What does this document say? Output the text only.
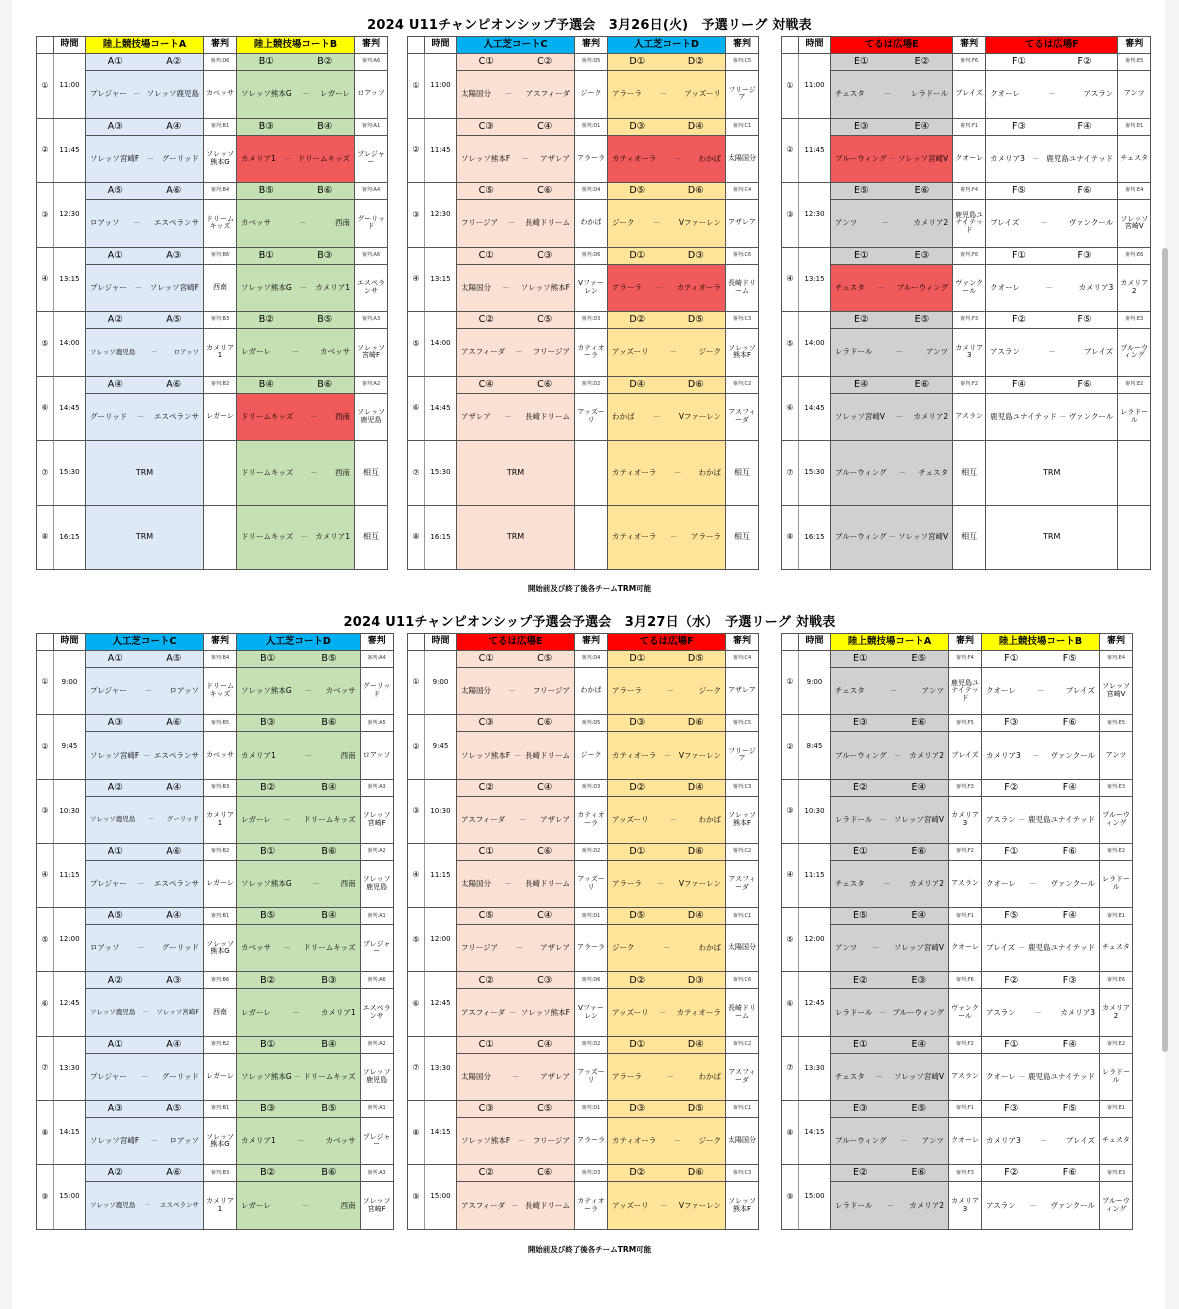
2024 U11チャンピオンシップ予選会　3月26日(火)　予選リーグ 対戦表
開始前及び終了後各チームTRM可能
2024 U11チャンピオンシップ予選会予選会　3月27日（水）　予選リーグ 対戦表
開始前及び終了後各チームTRM可能
	時間	陸上競技場コートA	審判	陸上競技場コートB	審判
①	11:00	A① A②	審判:D6	B① B②	審判:A6

		プレジャー － ソレッソ鹿児島	カベッサ	ソレッソ熊本G － レガーレ	ロアッソ
②	11:45	A③ A④	審判:B1	B③ B④	審判:A1

		ソレッソ宮崎F － グーリッド	ソレッソ熊本G	カメリア1 － ドリームキッズ	プレジャー
③	12:30	A⑤ A⑥	審判:B4	B⑤ B⑥	審判:A4

		ロアッソ － エスペランサ	ドリームキッズ	カベッサ － 西南	グーリッド
④	13:15	A① A③	審判:B6	B① B③	審判:A6

		プレジャー － ソレッソ宮崎F	西南	ソレッソ熊本G － カメリア1	エスペランサ
⑤	14:00	A② A⑤	審判:B3	B② B⑤	審判:A3

		ソレッソ鹿児島 － ロアッソ	カメリア1	レガーレ － カベッサ	ソレッソ宮崎F
⑥	14:45	A④ A⑥	審判:B2	B④ B⑥	審判:A2

		グーリッド － エスペランサ	レガーレ	ドリームキッズ － 西南	ソレッソ鹿児島
⑦	15:30	TRM		ドリームキッズ － 西南	相互

⑧	16:15	TRM		ドリームキッズ － カメリア1	相互

	時間	人工芝コートC	審判	人工芝コートD	審判
①	11:00	C① C②	審判:D5	D① D②	審判:C5

		太陽国分 － アスフィーダ	ジーク	アラーラ － アッズーリ	フリージア
②	11:45	C③ C④	審判:D1	D③ D④	審判:C1

		ソレッソ熊本F － アザレア	アラーラ	カティオーラ － わかば	太陽国分
③	12:30	C⑤ C⑥	審判:D4	D⑤ D⑥	審判:C4

		フリージア － 長崎ドリーム	わかば	ジーク － Vファーレン	アザレア
④	13:15	C① C③	審判:D6	D① D③	審判:C6

		太陽国分 － ソレッソ熊本F	Vファーレン	アラーラ － カティオーラ	長崎ドリーム
⑤	14:00	C② C⑤	審判:D3	D② D⑤	審判:C3

		アスフィーダ － フリージア	カティオーラ	アッズーリ － ジーク	ソレッソ熊本F
⑥	14:45	C④ C⑥	審判:D2	D④ D⑥	審判:C2

		アザレア － 長崎ドリーム	アッズーリ	わかば － Vファーレン	アスフィーダ
⑦	15:30	TRM		カティオーラ － わかば	相互

⑧	16:15	TRM		カティオーラ － アラーラ	相互

	時間	てるは広場E	審判	てるは広場F	審判
①	11:00	E① E②	審判:F6	F① F②	審判:E5

		チェスタ － レラドール	ブレイズ	クオーレ － アスラン	アンツ
②	11:45	E③ E④	審判:F1	F③ F④	審判:E1

		ブルーウィング － ソレッソ宮崎V	クオーレ	カメリア3 － 鹿児島ユナイテッド	チェスタ
③	12:30	E⑤ E⑥	審判:F4	F⑤ F⑥	審判:E4

		アンツ － カメリア2	鹿児島ユナイテッド	ブレイズ － ヴァンクール	ソレッソ宮崎V
④	13:15	E① E③	審判:F6	F① F③	審判:E6

		チェスタ － ブルーウィング	ヴァンクール	クオーレ － カメリア3	カメリア2
⑤	14:00	E② E⑤	審判:F3	F② F⑤	審判:E3

		レラドール － アンツ	カメリア3	アスラン － ブレイズ	ブルーウィング
⑥	14:45	E④ E⑥	審判:F2	F④ F⑥	審判:E2

		ソレッソ宮崎V － カメリア2	アスラン	鹿児島ユナイテッド － ヴァンクール	レラドール
⑦	15:30	ブルーウィング － チェスタ	相互	TRM	

⑧	16:15	ブルーウィング － ソレッソ宮崎V	相互	TRM	

	時間	人工芝コートC	審判	人工芝コートD	審判
①	9:00	A① A⑤	審判:B4	B① B⑤	審判:A4

		プレジャー － ロアッソ	ドリームキッズ	ソレッソ熊本G － カベッサ	グーリッド
②	9:45	A③ A⑥	審判:B5	B③ B⑥	審判:A5

		ソレッソ宮崎F － エスペランサ	カベッサ	カメリア1 － 西南	ロアッソ
③	10:30	A② A④	審判:B3	B② B④	審判:A3

		ソレッソ鹿児島 － グーリッド	カメリア1	レガーレ － ドリームキッズ	ソレッソ宮崎F
④	11:15	A① A⑥	審判:B2	B① B⑥	審判:A2

		プレジャー － エスペランサ	レガーレ	ソレッソ熊本G － 西南	ソレッソ鹿児島
⑤	12:00	A⑤ A④	審判:B1	B⑤ B④	審判:A1

		ロアッソ － グーリッド	ソレッソ熊本G	カベッサ － ドリームキッズ	プレジャー
⑥	12:45	A② A③	審判:B6	B② B③	審判:A6

		ソレッソ鹿児島 － ソレッソ宮崎F	西南	レガーレ － カメリア1	エスペランサ
⑦	13:30	A① A④	審判:B2	B① B④	審判:A2

		プレジャー － グーリッド	レガーレ	ソレッソ熊本G － ドリームキッズ	ソレッソ鹿児島
⑧	14:15	A③ A⑤	審判:B1	B③ B⑤	審判:A1

		ソレッソ宮崎F － ロアッソ	ソレッソ熊本G	カメリア1 － カベッサ	プレジャー
⑨	15:00	A② A⑥	審判:B3	B② B⑥	審判:A3

		ソレッソ鹿児島 － エスペランサ	カメリア1	レガーレ － 西南	ソレッソ宮崎F
	時間	てるは広場E	審判	てるは広場F	審判
①	9:00	C① C⑤	審判:D4	D① D⑤	審判:C4

		太陽国分 － フリージア	わかば	アラーラ － ジーク	アザレア
②	9:45	C③ C⑥	審判:D5	D③ D⑥	審判:C5

		ソレッソ熊本F － 長崎ドリーム	ジーク	カティオーラ － Vファーレン	フリージア
③	10:30	C② C④	審判:D3	D② D④	審判:C3

		アスフィーダ － アザレア	カティオーラ	アッズーリ － わかば	ソレッソ熊本F
④	11:15	C① C⑥	審判:D2	D① D⑥	審判:C2

		太陽国分 － 長崎ドリーム	アッズーリ	アラーラ － Vファーレン	アスフィーダ
⑤	12:00	C⑤ C④	審判:D1	D⑤ D④	審判:C1

		フリージア － アザレア	アラーラ	ジーク － わかば	太陽国分
⑥	12:45	C② C③	審判:D6	D② D③	審判:C6

		アスフィーダ － ソレッソ熊本F	Vファーレン	アッズーリ － カティオーラ	長崎ドリーム
⑦	13:30	C① C④	審判:D2	D① D④	審判:C2

		太陽国分 － アザレア	アッズーリ	アラーラ － わかば	アスフィーダ
⑧	14:15	C③ C⑤	審判:D1	D③ D⑤	審判:C1

		ソレッソ熊本F － フリージア	アラーラ	カティオーラ － ジーク	太陽国分
⑨	15:00	C② C⑥	審判:D3	D② D⑥	審判:C3

		アスフィーダ － 長崎ドリーム	カティオーラ	アッズーリ － Vファーレン	ソレッソ熊本F
	時間	陸上競技場コートA	審判	陸上競技場コートB	審判
①	9:00	E① E⑤	審判:F4	F① F⑤	審判:E4

		チェスタ － アンツ	鹿児島ユナイテッド	クオーレ － ブレイズ	ソレッソ宮崎V
②	8:45	E③ E⑥	審判:F5	F③ F⑥	審判:E5

		ブルーウィング － カメリア2	ブレイズ	カメリア3 － ヴァンクール	アンツ
③	10:30	E② E④	審判:F3	F② F④	審判:E3

		レラドール － ソレッソ宮崎V	カメリア3	アスラン － 鹿児島ユナイテッド	ブルーウィング
④	11:15	E① E⑥	審判:F2	F① F⑥	審判:E2

		チェスタ － カメリア2	アスラン	クオーレ － ヴァンクール	レラドール
⑤	12:00	E⑤ E④	審判:F1	F⑤ F④	審判:E1

		アンツ － ソレッソ宮崎V	クオーレ	ブレイズ － 鹿児島ユナイテッド	チェスタ
⑥	12:45	E② E③	審判:F6	F② F③	審判:E6

		レラドール － ブルーウィング	ヴァンクール	アスラン － カメリア3	カメリア2
⑦	13:30	E① E④	審判:F2	F① F④	審判:E2

		チェスタ － ソレッソ宮崎V	アスラン	クオーレ － 鹿児島ユナイテッド	レラドール
⑧	14:15	E③ E⑤	審判:F1	F③ F⑤	審判:E1

		ブルーウィング － アンツ	クオーレ	カメリア3 － ブレイズ	チェスタ
⑨	15:00	E② E⑥	審判:F3	F② F⑥	審判:E3

		レラドール － カメリア2	カメリア3	アスラン － ヴァンクール	ブルーウィング
